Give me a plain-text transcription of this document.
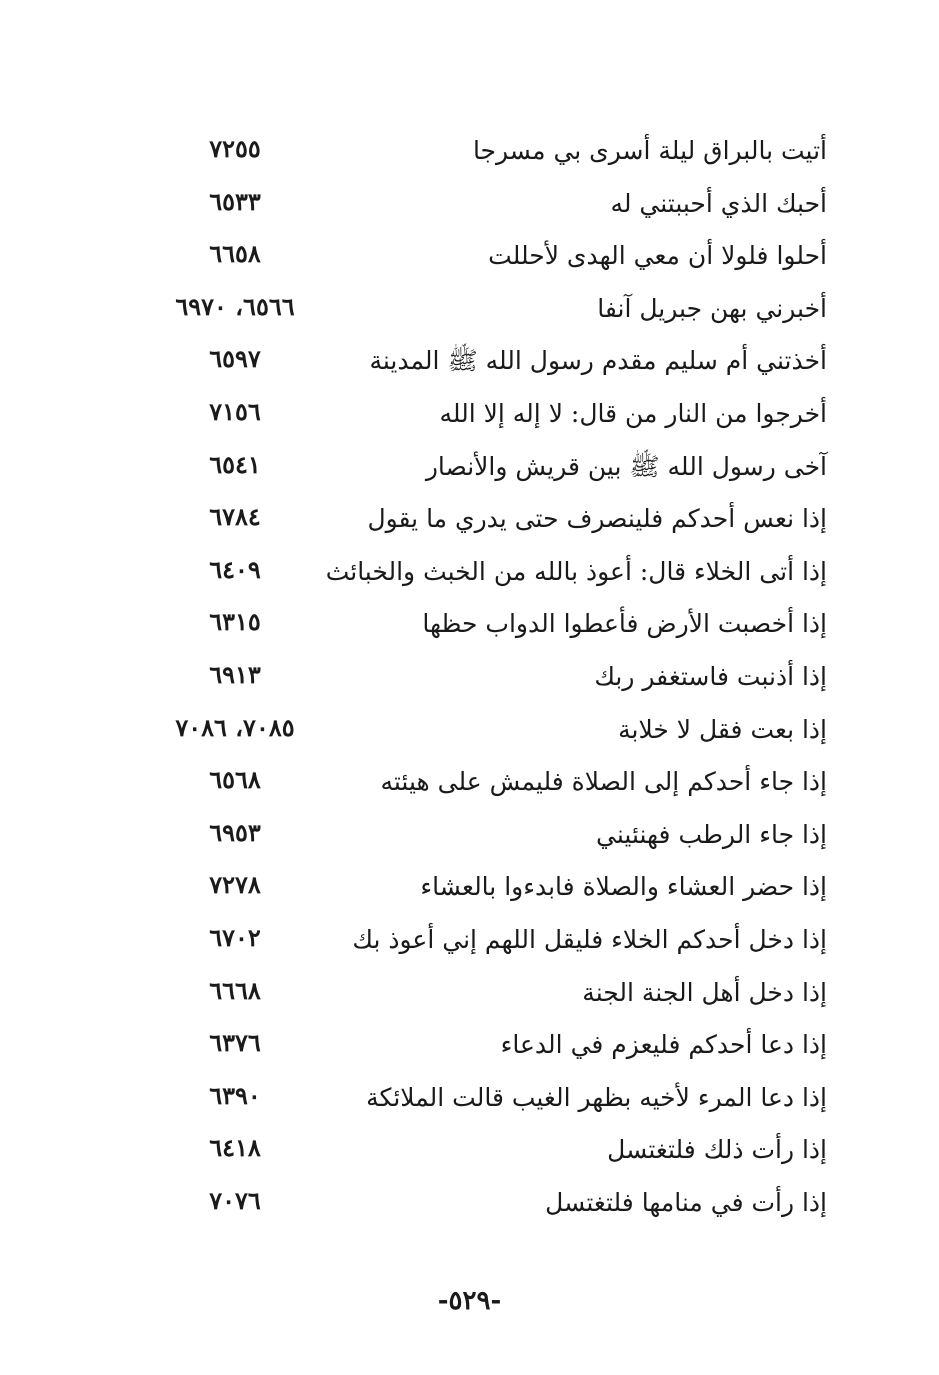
أتيت بالبراق ليلة أسرى بي مسرجا
٧٢٥٥
أحبك الذي أحببتني له
٦٥٣٣
أحلوا فلولا أن معي الهدى لأحللت
٦٦٥٨
أخبرني بهن جبريل آنفا
٦٥٦٦، ٦٩٧٠
أخذتني أم سليم مقدم رسول الله ﷺ المدينة
٦٥٩٧
أخرجوا من النار من قال: لا إله إلا الله
٧١٥٦
آخى رسول الله ﷺ بين قريش والأنصار
٦٥٤١
إذا نعس أحدكم فلينصرف حتى يدري ما يقول
٦٧٨٤
إذا أتى الخلاء قال: أعوذ بالله من الخبث والخبائث
٦٤٠٩
إذا أخصبت الأرض فأعطوا الدواب حظها
٦٣١٥
إذا أذنبت فاستغفر ربك
٦٩١٣
إذا بعت فقل لا خلابة
٧٠٨٥، ٧٠٨٦
إذا جاء أحدكم إلى الصلاة فليمش على هيئته
٦٥٦٨
إذا جاء الرطب فهنئيني
٦٩٥٣
إذا حضر العشاء والصلاة فابدءوا بالعشاء
٧٢٧٨
إذا دخل أحدكم الخلاء فليقل اللهم إني أعوذ بك
٦٧٠٢
إذا دخل أهل الجنة الجنة
٦٦٦٨
إذا دعا أحدكم فليعزم في الدعاء
٦٣٧٦
إذا دعا المرء لأخيه بظهر الغيب قالت الملائكة
٦٣٩٠
إذا رأت ذلك فلتغتسل
٦٤١٨
إذا رأت في منامها فلتغتسل
٧٠٧٦
-٥٢٩-
